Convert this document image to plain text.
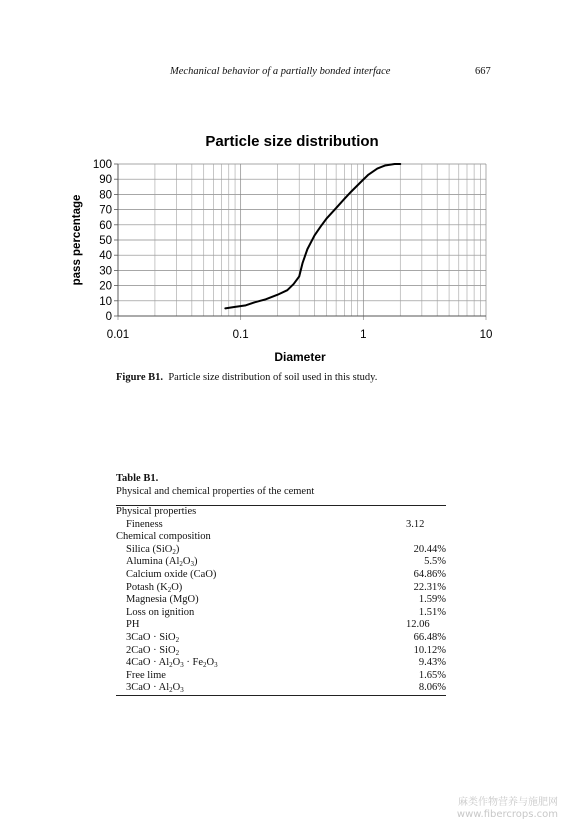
Mechanical behavior of a partially bonded interface	667
Particle size distribution
pass percentage
Diameter
0
10
20
30
40
50
60
70
80
90
100
0.01	0.1	1	10
Figure B1. Particle size distribution of soil used in this study.
Table B1.
Physical and chemical properties of the cement
Physical properties
Fineness	3.12
Chemical composition
Silica (SiO$_2$)	20.44%
Alumina $(Al_2O_3)$	5.5%
Calcium oxide (CaO)	64.86%
Potash $(K_2O)$	22.31%
Magnesia (MgO)	1.59%
Loss on ignition	1.51%
PH	12.06
3CaO · SiO$_2$	66.48%
2CaO · SiO$_2$	10.12%
$4CaO \cdot Al_2O_3 \cdot Fe_2O_3$	9.43%
Free lime	1.65%
$3CaO \cdot Al_2O_3$	8.06%
麻类作物营养与施肥网
www.fibercrops.com
